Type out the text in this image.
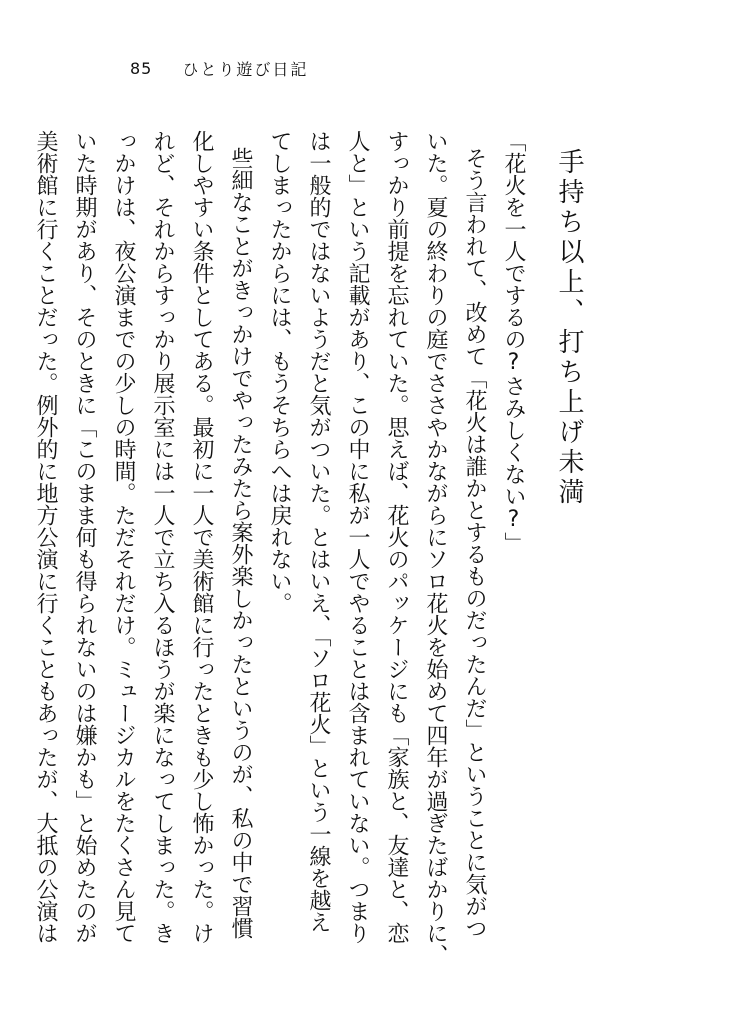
85 ひとり遊び日記
手持ち以上、打ち上げ未満
「花火を一人でするの?さみしくない?」
そう言われて、改めて「花火は誰かとするものだったんだ」ということに気がつ
いた。夏の終わりの庭でささやかながらにソロ花火を始めて四年が過ぎたばかりに、
すっかり前提を忘れていた。思えば、花火のパッケージにも「家族と、友達と、恋
人と」という記載があり、この中に私が一人でやることは含まれていない。つまり
は一般的ではないようだと気がついた。とはいえ、「ソロ花火」という一線を越え
てしまったからには、もうそちらへは戻れない。
些細なことがきっかけでやったみたら案外楽しかったというのが、私の中で習慣
化しやすい条件としてある。最初に一人で美術館に行ったときも少し怖かった。け
れど、それからすっかり展示室には一人で立ち入るほうが楽になってしまった。き
っかけは、夜公演までの少しの時間。ただそれだけ。ミュージカルをたくさん見て
いた時期があり、そのときに「このまま何も得られないのは嫌かも」と始めたのが
美術館に行くことだった。例外的に地方公演に行くこともあったが、大抵の公演は
